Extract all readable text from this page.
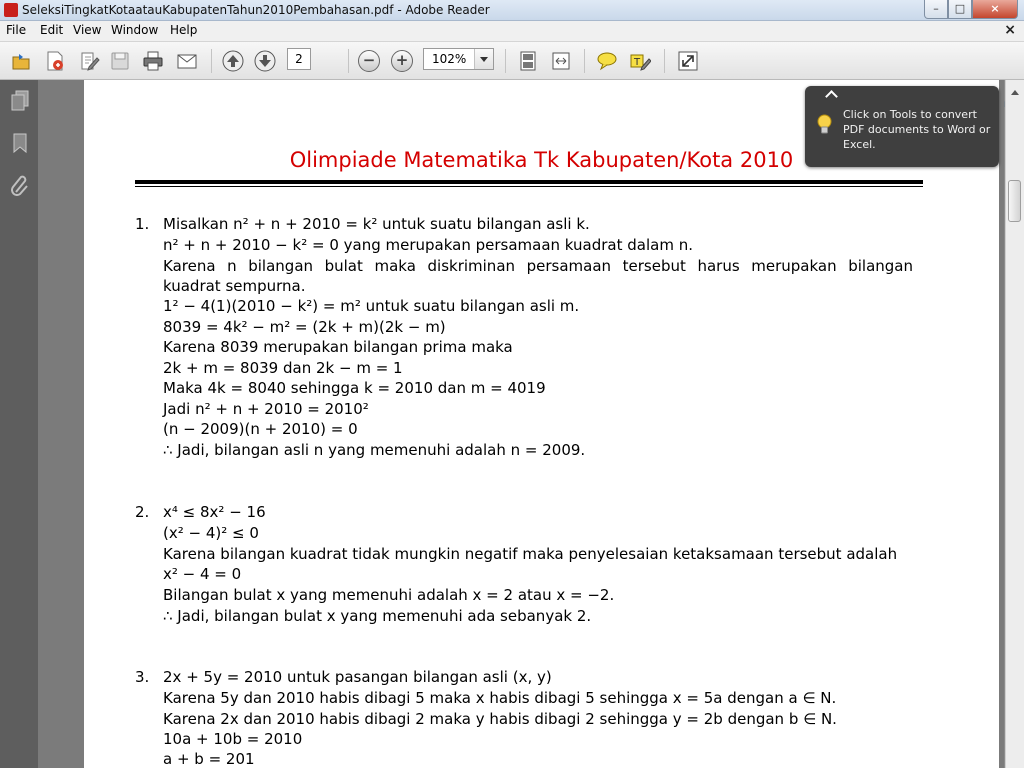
SeleksiTingkatKotaatauKabupatenTahun2010Pembahasan.pdf - Adobe Reader	–	□	×
File Edit View Window Help	×
−	+	T
2
102%
Olimpiade Matematika Tk Kabupaten/Kota 2010
1. Misalkan n² + n + 2010 = k² untuk suatu bilangan asli k.
n² + n + 2010 − k² = 0 yang merupakan persamaan kuadrat dalam n.
Karena n bilangan bulat maka diskriminan persamaan tersebut harus merupakan bilangan
kuadrat sempurna.
1² − 4(1)(2010 − k²) = m² untuk suatu bilangan asli m.
8039 = 4k² − m² = (2k + m)(2k − m)
Karena 8039 merupakan bilangan prima maka
2k + m = 8039 dan 2k − m = 1
Maka 4k = 8040 sehingga k = 2010 dan m = 4019
Jadi n² + n + 2010 = 2010²
(n − 2009)(n + 2010) = 0
∴ Jadi, bilangan asli n yang memenuhi adalah n = 2009.
2. x⁴ ≤ 8x² − 16
(x² − 4)² ≤ 0
Karena bilangan kuadrat tidak mungkin negatif maka penyelesaian ketaksamaan tersebut adalah
x² − 4 = 0
Bilangan bulat x yang memenuhi adalah x = 2 atau x = −2.
∴ Jadi, bilangan bulat x yang memenuhi ada sebanyak 2.
3. 2x + 5y = 2010 untuk pasangan bilangan asli (x, y)
Karena 5y dan 2010 habis dibagi 5 maka x habis dibagi 5 sehingga x = 5a dengan a ∈ N.
Karena 2x dan 2010 habis dibagi 2 maka y habis dibagi 2 sehingga y = 2b dengan b ∈ N.
10a + 10b = 2010
a + b = 201
Click on Tools to convert PDF documents to Word or Excel.
